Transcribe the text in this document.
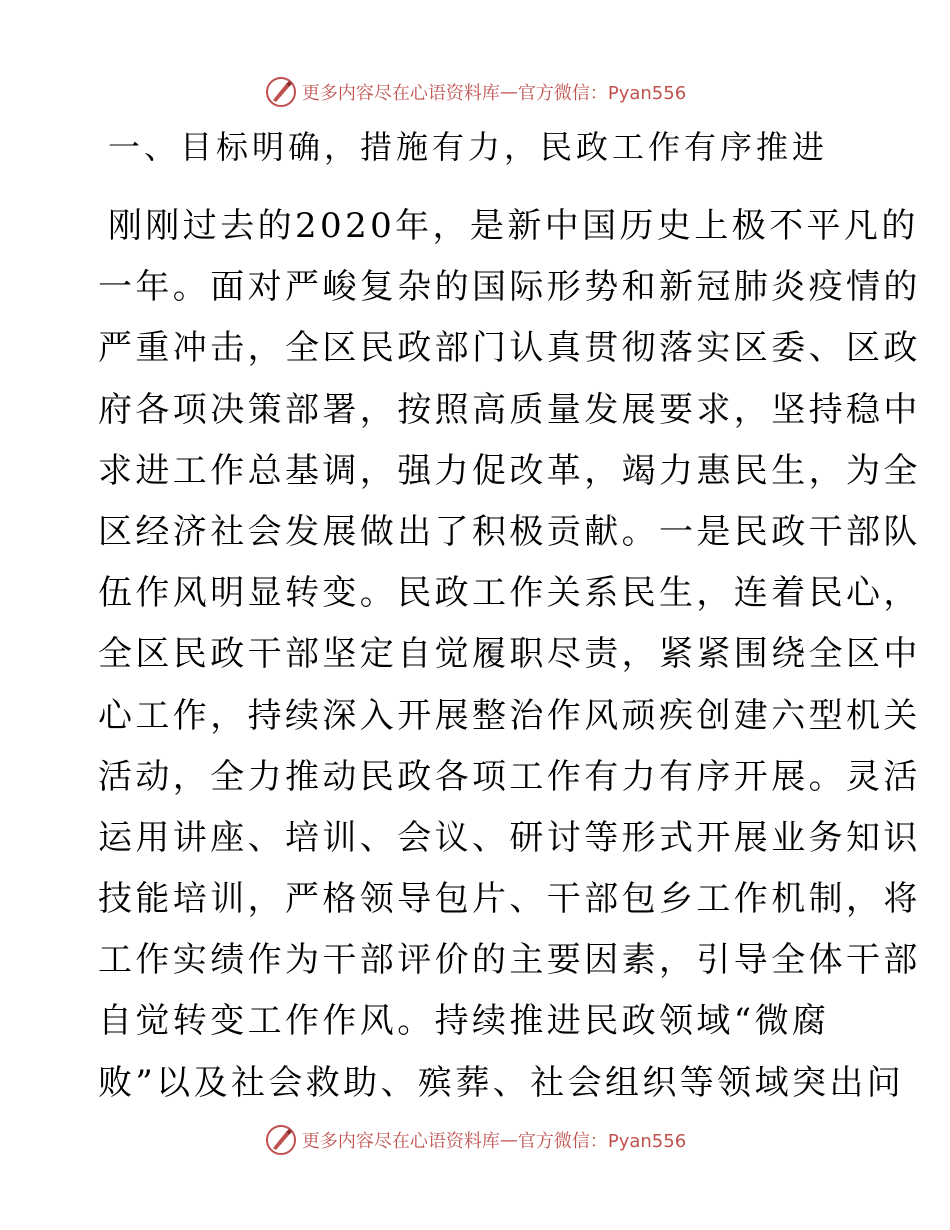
更多内容尽在心语资料库 — 官方微信：Pyan556
一、目标明确，措施有力，民政工作有序推进
刚刚过去的2020年，是新中国历史上极不平凡的
一年。面对严峻复杂的国际形势和新冠肺炎疫情的
严重冲击，全区民政部门认真贯彻落实区委、区政
府各项决策部署，按照高质量发展要求，坚持稳中
求进工作总基调，强力促改革，竭力惠民生，为全
区经济社会发展做出了积极贡献。一是民政干部队
伍作风明显转变。民政工作关系民生，连着民心，
全区民政干部坚定自觉履职尽责，紧紧围绕全区中
心工作，持续深入开展整治作风顽疾创建六型机关
活动，全力推动民政各项工作有力有序开展。灵活
运用讲座、培训、会议、研讨等形式开展业务知识
技能培训，严格领导包片、干部包乡工作机制，将
工作实绩作为干部评价的主要因素，引导全体干部
自觉转变工作作风。持续推进民政领域“微腐
败”以及社会救助、殡葬、社会组织等领域突出问
更多内容尽在心语资料库 — 官方微信：Pyan556
